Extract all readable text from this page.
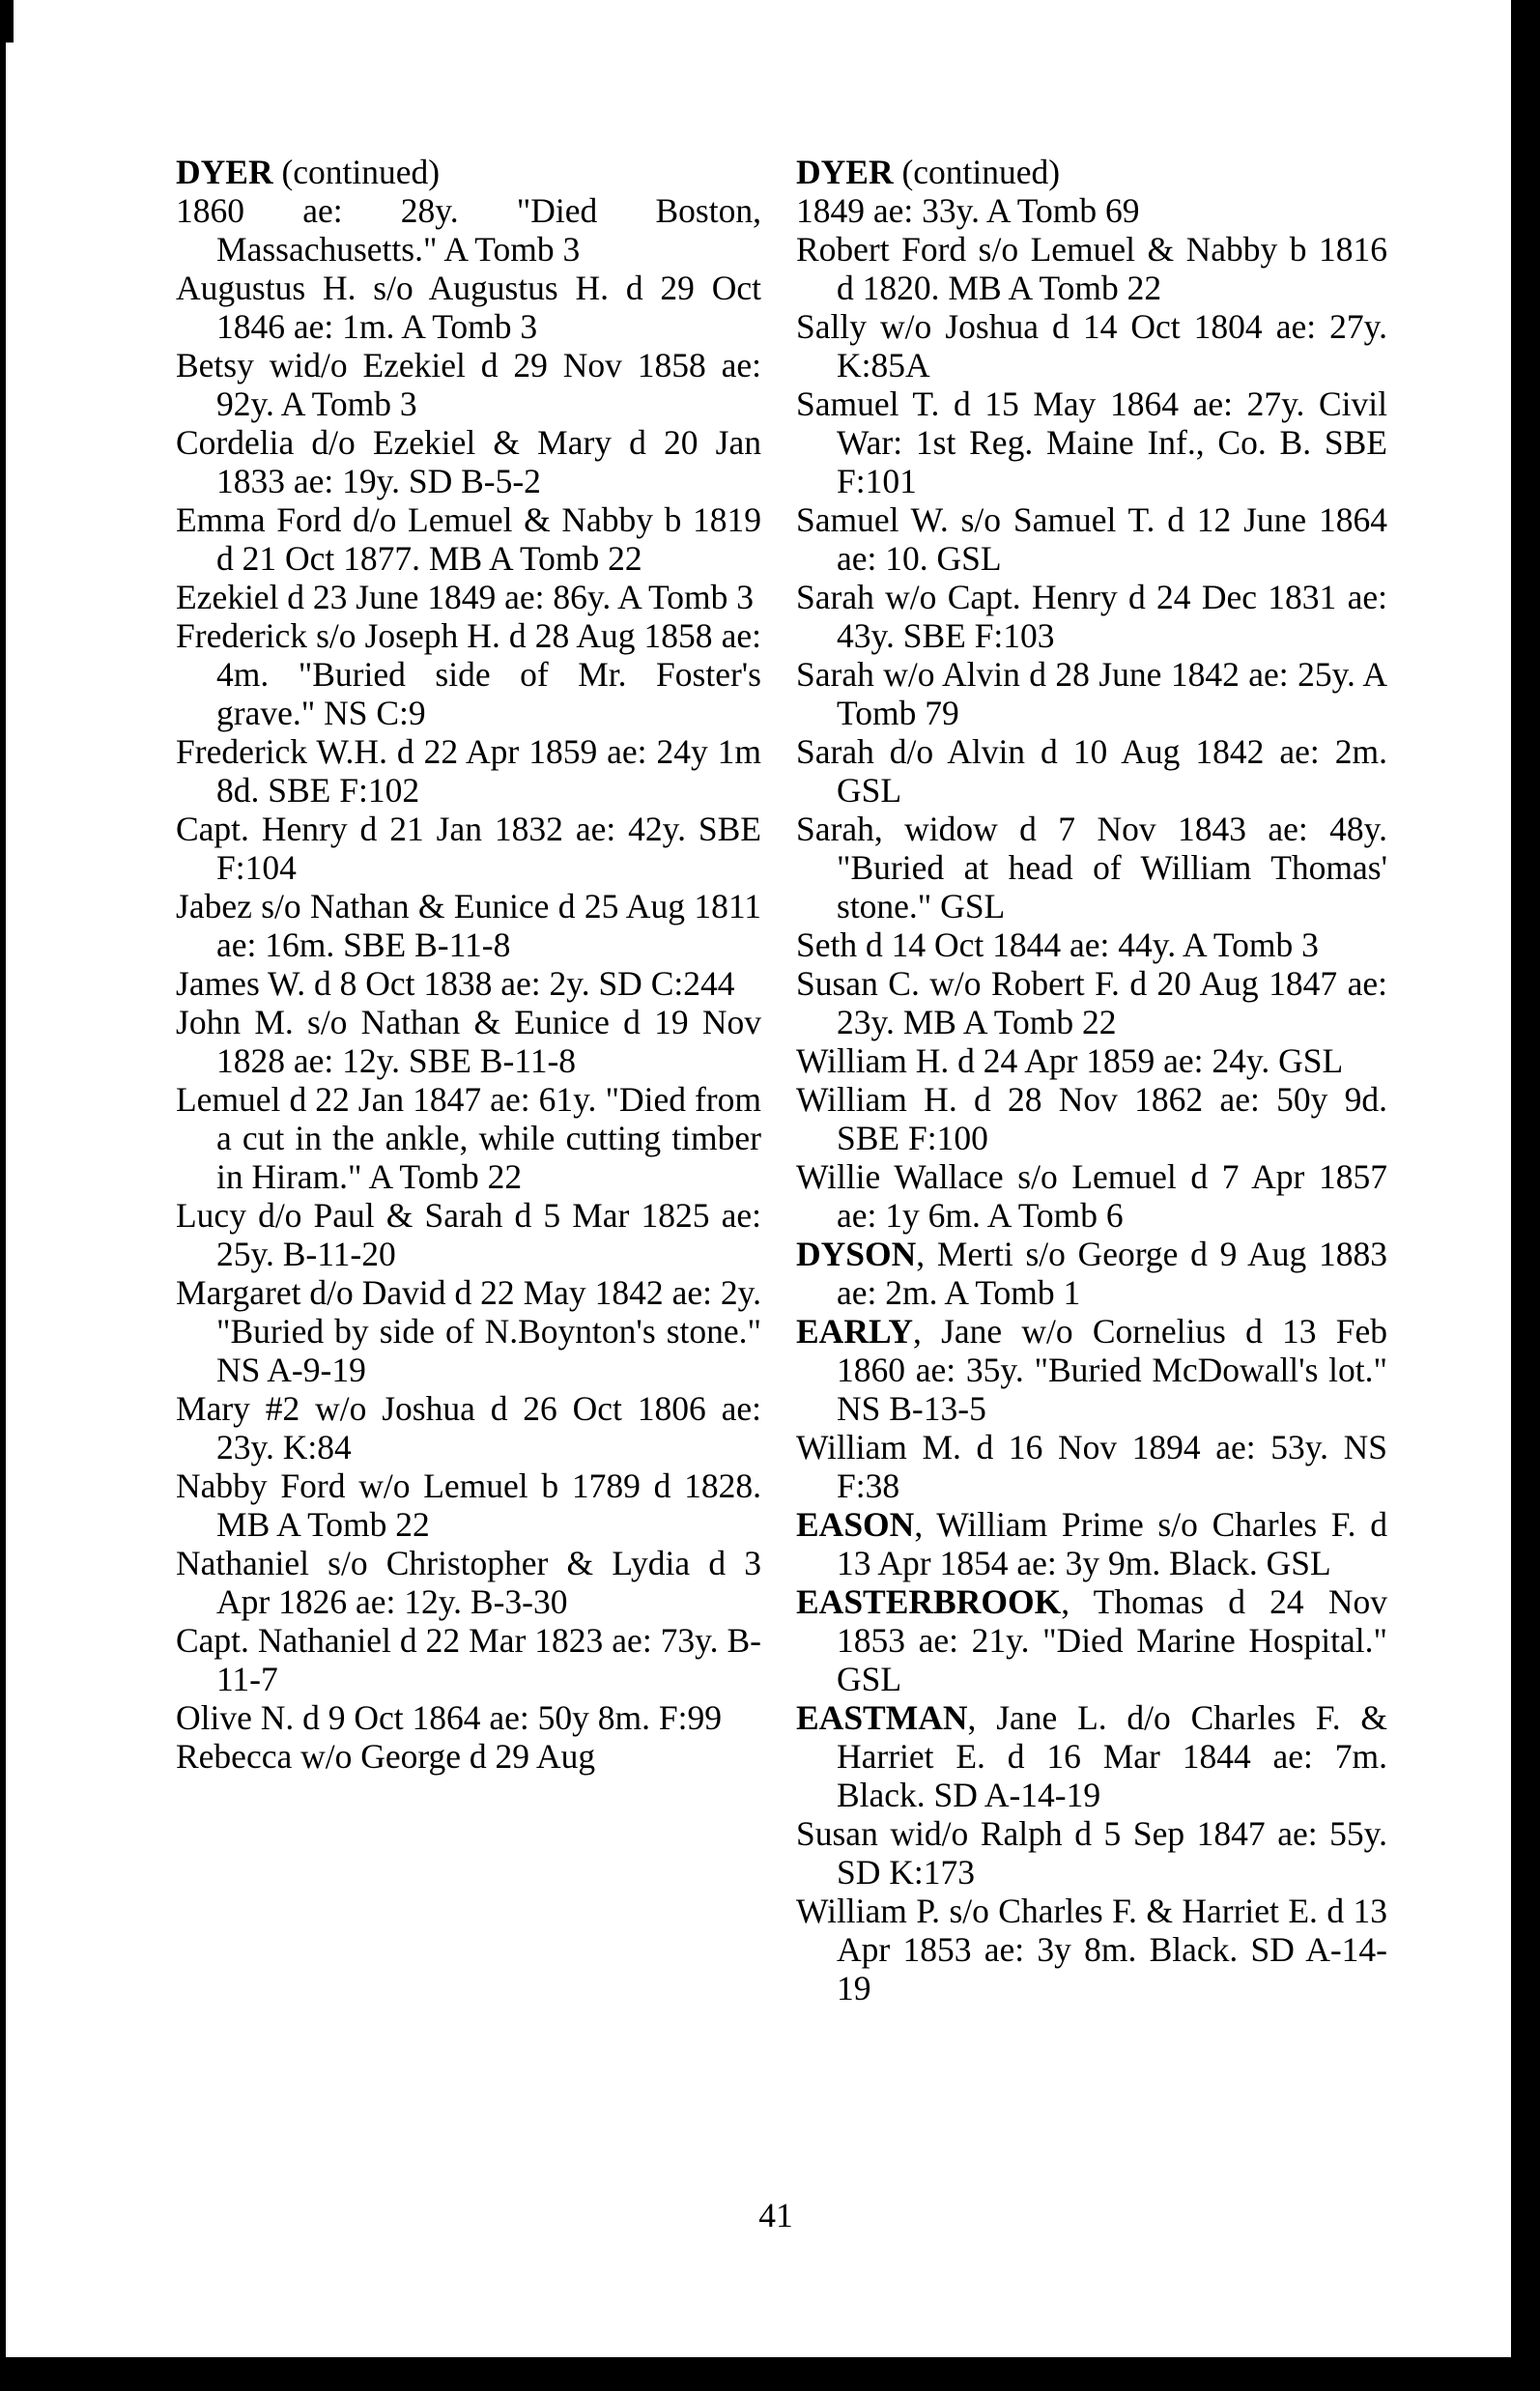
DYER (continued)

1860 ae: 28y. "Died Boston, Massachusetts." A Tomb 3

Augustus H. s/o Augustus H. d 29 Oct 1846 ae: 1m. A Tomb 3

Betsy wid/o Ezekiel d 29 Nov 1858 ae: 92y. A Tomb 3

Cordelia d/o Ezekiel & Mary d 20 Jan 1833 ae: 19y. SD B-5-2

Emma Ford d/o Lemuel & Nabby b 1819 d 21 Oct 1877. MB A Tomb 22

Ezekiel d 23 June 1849 ae: 86y. A Tomb 3

Frederick s/o Joseph H. d 28 Aug 1858 ae: 4m. "Buried side of Mr. Foster's grave." NS C:9

Frederick W.H. d 22 Apr 1859 ae: 24y 1m 8d. SBE F:102

Capt. Henry d 21 Jan 1832 ae: 42y. SBE F:104

Jabez s/o Nathan & Eunice d 25 Aug 1811 ae: 16m. SBE B-11-8

James W. d 8 Oct 1838 ae: 2y. SD C:244

John M. s/o Nathan & Eunice d 19 Nov 1828 ae: 12y. SBE B-11-8

Lemuel d 22 Jan 1847 ae: 61y. "Died from a cut in the ankle, while cutting timber in Hiram." A Tomb 22

Lucy d/o Paul & Sarah d 5 Mar 1825 ae: 25y. B-11-20

Margaret d/o David d 22 May 1842 ae: 2y. "Buried by side of N.Boynton's stone." NS A-9-19

Mary #2 w/o Joshua d 26 Oct 1806 ae: 23y. K:84

Nabby Ford w/o Lemuel b 1789 d 1828. MB A Tomb 22

Nathaniel s/o Christopher & Lydia d 3 Apr 1826 ae: 12y. B-3-30

Capt. Nathaniel d 22 Mar 1823 ae: 73y. B-11-7

Olive N. d 9 Oct 1864 ae: 50y 8m. F:99

Rebecca w/o George d 29 Aug

DYER (continued)

1849 ae: 33y. A Tomb 69

Robert Ford s/o Lemuel & Nabby b 1816 d 1820. MB A Tomb 22

Sally w/o Joshua d 14 Oct 1804 ae: 27y. K:85A

Samuel T. d 15 May 1864 ae: 27y. Civil War: 1st Reg. Maine Inf., Co. B. SBE F:101

Samuel W. s/o Samuel T. d 12 June 1864 ae: 10. GSL

Sarah w/o Capt. Henry d 24 Dec 1831 ae: 43y. SBE F:103

Sarah w/o Alvin d 28 June 1842 ae: 25y. A Tomb 79

Sarah d/o Alvin d 10 Aug 1842 ae: 2m. GSL

Sarah, widow d 7 Nov 1843 ae: 48y. "Buried at head of William Thomas' stone." GSL

Seth d 14 Oct 1844 ae: 44y. A Tomb 3

Susan C. w/o Robert F. d 20 Aug 1847 ae: 23y. MB A Tomb 22

William H. d 24 Apr 1859 ae: 24y. GSL

William H. d 28 Nov 1862 ae: 50y 9d. SBE F:100

Willie Wallace s/o Lemuel d 7 Apr 1857 ae: 1y 6m. A Tomb 6

DYSON, Merti s/o George d 9 Aug 1883 ae: 2m. A Tomb 1

EARLY, Jane w/o Cornelius d 13 Feb 1860 ae: 35y. "Buried McDowall's lot." NS B-13-5

William M. d 16 Nov 1894 ae: 53y. NS F:38

EASON, William Prime s/o Charles F. d 13 Apr 1854 ae: 3y 9m. Black. GSL

EASTERBROOK, Thomas d 24 Nov 1853 ae: 21y. "Died Marine Hospital." GSL

EASTMAN, Jane L. d/o Charles F. & Harriet E. d 16 Mar 1844 ae: 7m. Black. SD A-14-19

Susan wid/o Ralph d 5 Sep 1847 ae: 55y. SD K:173

William P. s/o Charles F. & Harriet E. d 13 Apr 1853 ae: 3y 8m. Black. SD A-14-19

41
